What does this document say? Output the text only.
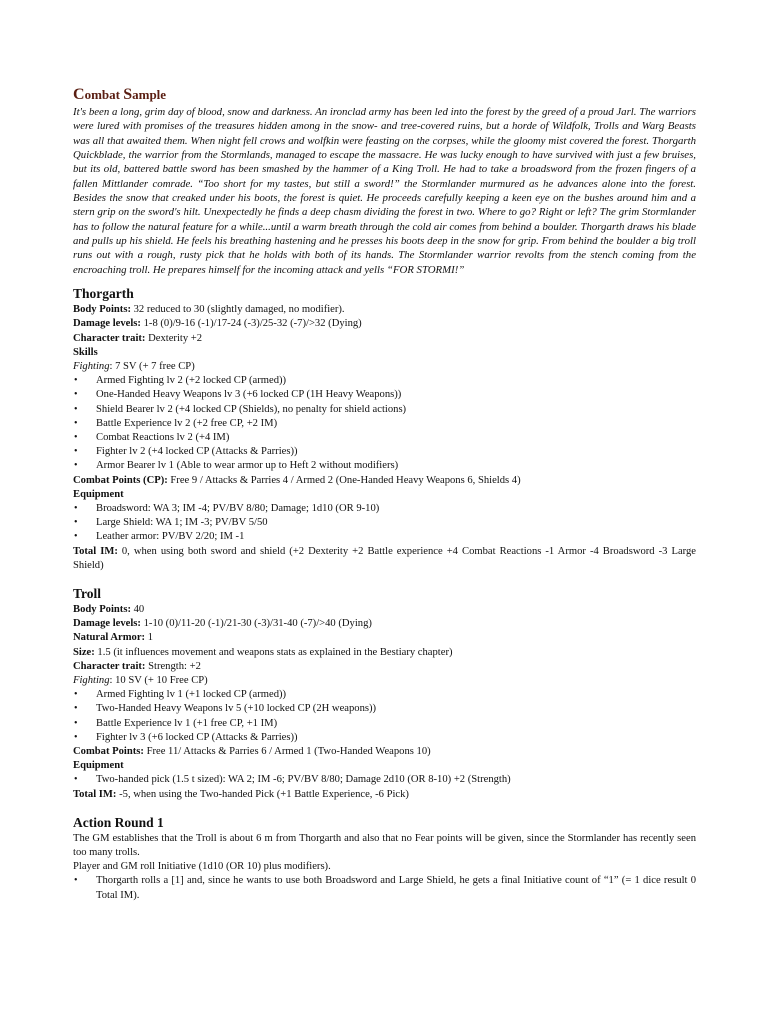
Combat Sample

It's been a long, grim day of blood, snow and darkness. An ironclad army has been led into the forest by the greed of a proud Jarl. The warriors were lured with promises of the treasures hidden among in the snow- and tree-covered ruins, but a horde of Wildfolk, Trolls and Warg Beasts was all that awaited them. When night fell crows and wolfkin were feasting on the corpses, while the gloomy mist covered the forest. Thorgarth Quickblade, the warrior from the Stormlands, managed to escape the massacre. He was lucky enough to have survived with just a few bruises, but its old, battered battle sword has been smashed by the hammer of a King Troll. He had to take a broadsword from the frozen fingers of a fallen Mittlander comrade. “Too short for my tastes, but still a sword!” the Stormlander murmured as he advances alone into the forest. Besides the snow that creaked under his boots, the forest is quiet. He proceeds carefully keeping a keen eye on the bushes around him and a stern grip on the sword's hilt. Unexpectedly he finds a deep chasm dividing the forest in two. Where to go? Right or left? The grim Stormlander has to follow the natural feature for a while...until a warm breath through the cold air comes from behind a boulder. Thorgarth draws his blade and pulls up his shield. He feels his breathing hastening and he presses his boots deep in the snow for grip. From behind the boulder a big troll runs out with a rough, rusty pick that he holds with both of its hands. The Stormlander warrior revolts from the stench coming from the encroaching troll. He prepares himself for the incoming attack and yells “FOR STORMI!”

Thorgarth

Body Points: 32 reduced to 30 (slightly damaged, no modifier).

Damage levels: 1-8 (0)/9-16 (-1)/17-24 (-3)/25-32 (-7)/>32 (Dying)

Character trait: Dexterity +2

Skills

Fighting: 7 SV (+ 7 free CP)

• Armed Fighting lv 2 (+2 locked CP (armed))
• One-Handed Heavy Weapons lv 3 (+6 locked CP (1H Heavy Weapons))
• Shield Bearer lv 2 (+4 locked CP (Shields), no penalty for shield actions)
• Battle Experience lv 2 (+2 free CP, +2 IM)
• Combat Reactions lv 2 (+4 IM)
• Fighter lv 2 (+4 locked CP (Attacks & Parries))
• Armor Bearer lv 1 (Able to wear armor up to Heft 2 without modifiers)

Combat Points (CP): Free 9 / Attacks & Parries 4 / Armed 2 (One-Handed Heavy Weapons 6, Shields 4)

Equipment

• Broadsword: WA 3; IM -4; PV/BV 8/80; Damage; 1d10 (OR 9-10)
• Large Shield: WA 1; IM -3; PV/BV 5/50
• Leather armor: PV/BV 2/20; IM -1

Total IM: 0, when using both sword and shield (+2 Dexterity +2 Battle experience +4 Combat Reactions -1 Armor -4 Broadsword -3 Large Shield)

Troll

Body Points: 40

Damage levels: 1-10 (0)/11-20 (-1)/21-30 (-3)/31-40 (-7)/>40 (Dying)

Natural Armor: 1

Size: 1.5 (it influences movement and weapons stats as explained in the Bestiary chapter)

Character trait: Strength: +2

Fighting: 10 SV (+ 10 Free CP)

• Armed Fighting lv 1 (+1 locked CP (armed))
• Two-Handed Heavy Weapons lv 5 (+10 locked CP (2H weapons))
• Battle Experience lv 1 (+1 free CP, +1 IM)
• Fighter lv 3 (+6 locked CP (Attacks & Parries))

Combat Points: Free 11/ Attacks & Parries 6 / Armed 1 (Two-Handed Weapons 10)

Equipment

• Two-handed pick (1.5 t sized): WA 2; IM -6; PV/BV 8/80; Damage 2d10 (OR 8-10) +2 (Strength)

Total IM: -5, when using the Two-handed Pick (+1 Battle Experience, -6 Pick)

Action Round 1

The GM establishes that the Troll is about 6 m from Thorgarth and also that no Fear points will be given, since the Stormlander has recently seen too many trolls.

Player and GM roll Initiative (1d10 (OR 10) plus modifiers).

• Thorgarth rolls a [1] and, since he wants to use both Broadsword and Large Shield, he gets a final Initiative count of “1” (= 1 dice result 0 Total IM).
